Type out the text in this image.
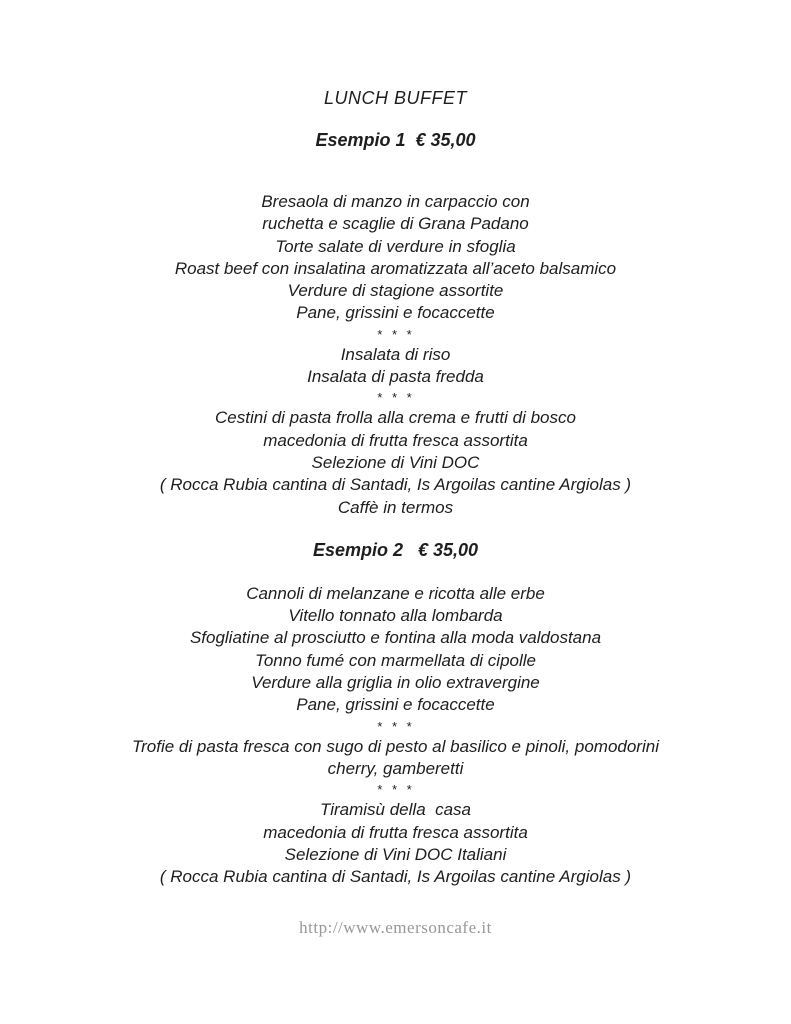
LUNCH BUFFET
Esempio 1  € 35,00
Bresaola di manzo in carpaccio con
ruchetta e scaglie di Grana Padano
Torte salate di verdure in sfoglia
Roast beef con insalatina aromatizzata all’aceto balsamico
Verdure di stagione assortite
Pane, grissini e focaccette
* * *
Insalata di riso
Insalata di pasta fredda
* * *
Cestini di pasta frolla alla crema e frutti di bosco
macedonia di frutta fresca assortita
Selezione di Vini DOC
( Rocca Rubia cantina di Santadi, Is Argoilas cantine Argiolas )
Caffè in termos
Esempio 2   € 35,00
Cannoli di melanzane e ricotta alle erbe
Vitello tonnato alla lombarda
Sfogliatine al prosciutto e fontina alla moda valdostana
Tonno fumé con marmellata di cipolle
Verdure alla griglia in olio extravergine
Pane, grissini e focaccette
* * *
Trofie di pasta fresca con sugo di pesto al basilico e pinoli, pomodorini
cherry, gamberetti
* * *
Tiramisù della  casa
macedonia di frutta fresca assortita
Selezione di Vini DOC Italiani
( Rocca Rubia cantina di Santadi, Is Argoilas cantine Argiolas )
http://www.emersoncafe.it
